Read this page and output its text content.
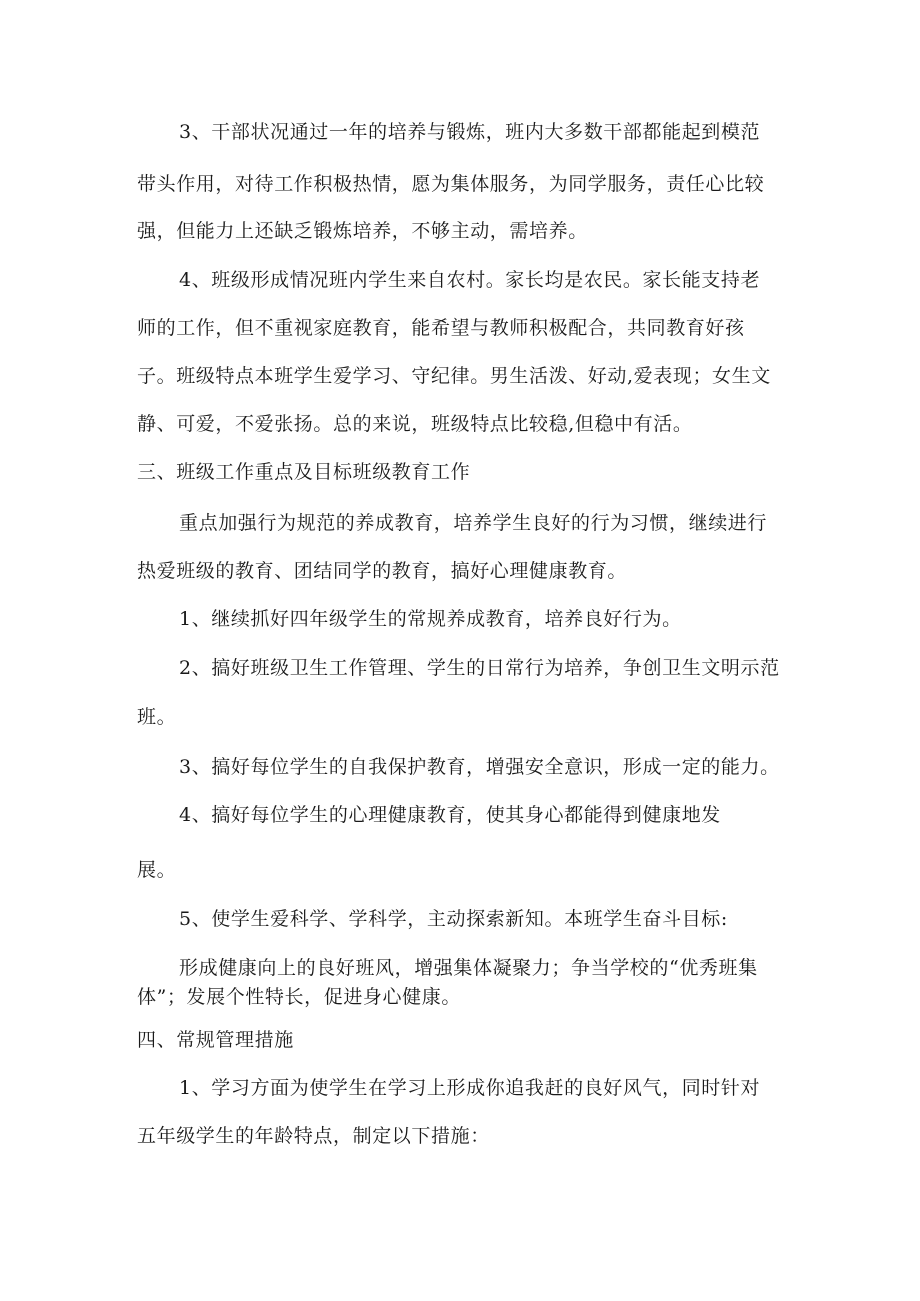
3、干部状况通过一年的培养与锻炼，班内大多数干部都能起到模范
带头作用，对待工作积极热情，愿为集体服务，为同学服务，责任心比较
强，但能力上还缺乏锻炼培养，不够主动，需培养。
4、班级形成情况班内学生来自农村。家长均是农民。家长能支持老
师的工作，但不重视家庭教育，能希望与教师积极配合，共同教育好孩
子。班级特点本班学生爱学习、守纪律。男生活泼、好动,爱表现；女生文
静、可爱，不爱张扬。总的来说，班级特点比较稳,但稳中有活。
三、班级工作重点及目标班级教育工作
重点加强行为规范的养成教育，培养学生良好的行为习惯，继续进行
热爱班级的教育、团结同学的教育，搞好心理健康教育。
1、继续抓好四年级学生的常规养成教育，培养良好行为。
2、搞好班级卫生工作管理、学生的日常行为培养，争创卫生文明示范
班。
3、搞好每位学生的自我保护教育，增强安全意识，形成一定的能力。
4、搞好每位学生的心理健康教育，使其身心都能得到健康地发
展。
5、使学生爱科学、学科学，主动探索新知。本班学生奋斗目标:
形成健康向上的良好班风，增强集体凝聚力；争当学校的“优秀班集
体”；发展个性特长，促进身心健康。
四、常规管理措施
1、学习方面为使学生在学习上形成你追我赶的良好风气，同时针对
五年级学生的年龄特点，制定以下措施：
